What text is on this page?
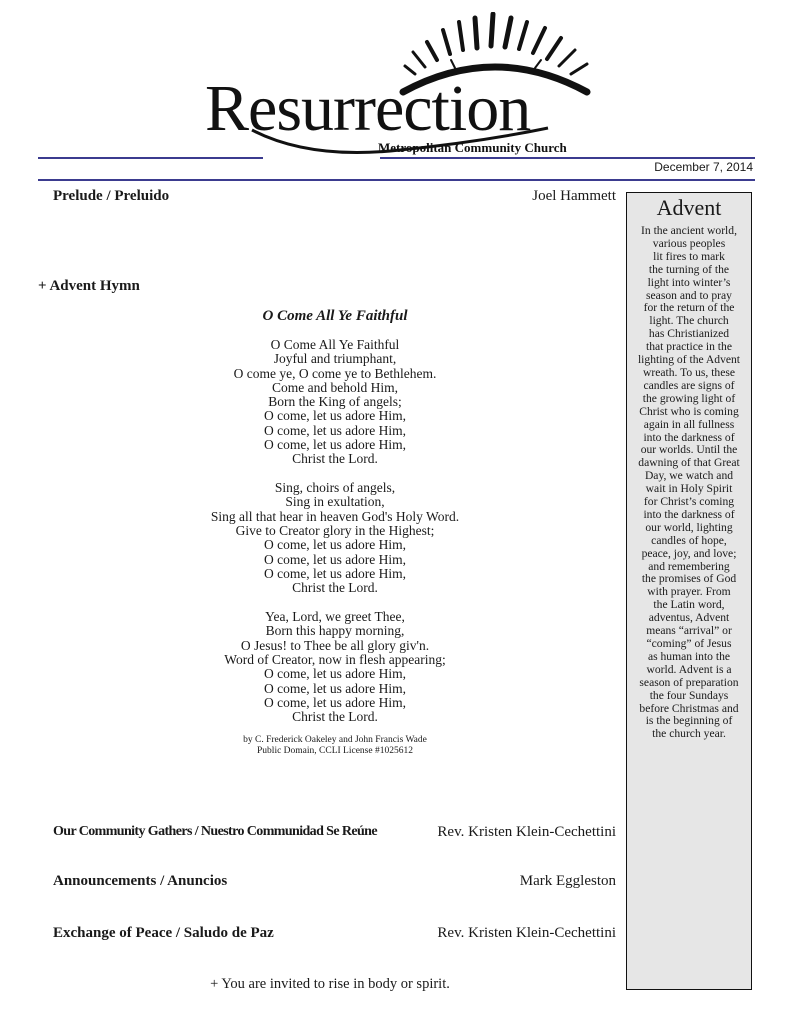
Resurrection
Metropolitan Community Church
December 7, 2014
Prelude / Preluido	Joel Hammett
+ Advent Hymn
O Come All Ye Faithful
O Come All Ye Faithful
Joyful and triumphant,
O come ye, O come ye to Bethlehem.
Come and behold Him,
Born the King of angels;
O come, let us adore Him,
O come, let us adore Him,
O come, let us adore Him,
Christ the Lord.
Sing, choirs of angels,
Sing in exultation,
Sing all that hear in heaven God's Holy Word.
Give to Creator glory in the Highest;
O come, let us adore Him,
O come, let us adore Him,
O come, let us adore Him,
Christ the Lord.
Yea, Lord, we greet Thee,
Born this happy morning,
O Jesus! to Thee be all glory giv'n.
Word of Creator, now in flesh appearing;
O come, let us adore Him,
O come, let us adore Him,
O come, let us adore Him,
Christ the Lord.
by C. Frederick Oakeley and John Francis Wade
Public Domain, CCLI License #1025612
Our Community Gathers / Nuestro Communidad Se Reúne	Rev. Kristen Klein-Cechettini
Announcements / Anuncios	Mark Eggleston
Exchange of Peace / Saludo de Paz	Rev. Kristen Klein-Cechettini
+ You are invited to rise in body or spirit.
Advent
In the ancient world,
various peoples
lit fires to mark
the turning of the
light into winter’s
season and to pray
for the return of the
light. The church
has Christianized
that practice in the
lighting of the Advent
wreath. To us, these
candles are signs of
the growing light of
Christ who is coming
again in all fullness
into the darkness of
our worlds. Until the
dawning of that Great
Day, we watch and
wait in Holy Spirit
for Christ’s coming
into the darkness of
our world, lighting
candles of hope,
peace, joy, and love;
and remembering
the promises of God
with prayer. From
the Latin word,
adventus, Advent
means “arrival” or
“coming” of Jesus
as human into the
world. Advent is a
season of preparation
the four Sundays
before Christmas and
is the beginning of
the church year.
